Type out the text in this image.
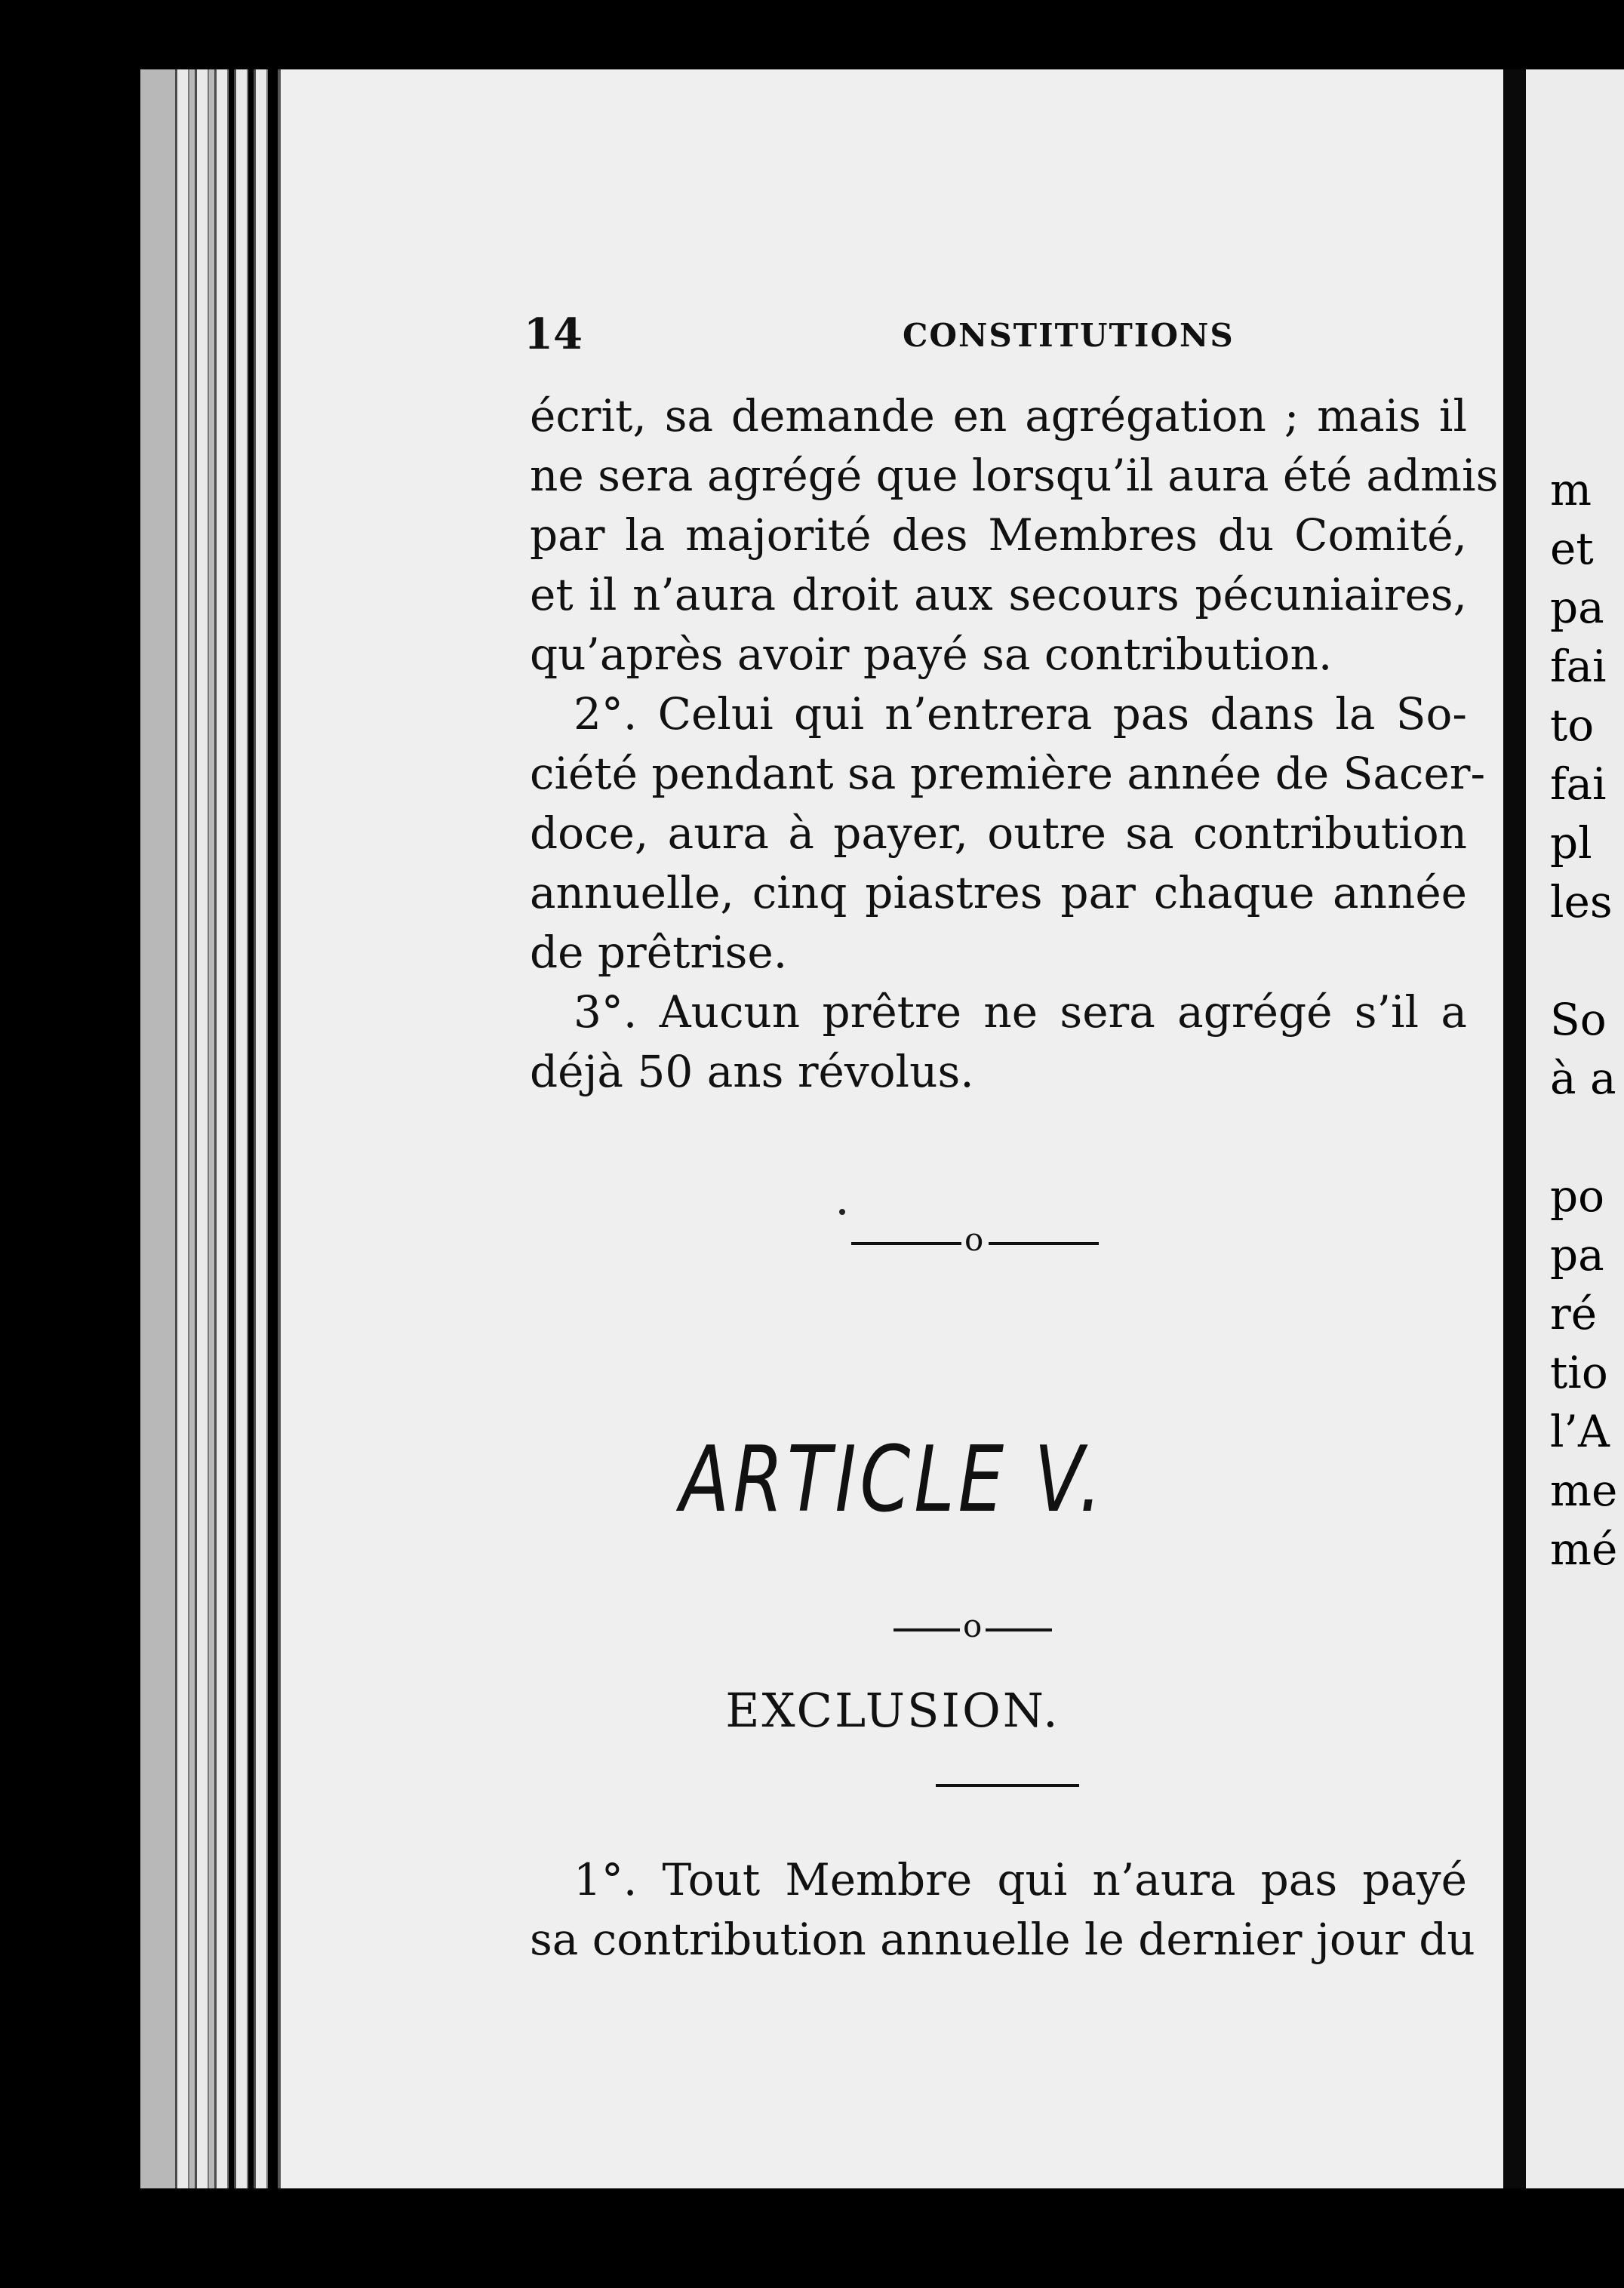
14	CONSTITUTIONS
écrit, sa demande en agrégation ; mais il
ne sera agrégé que lorsqu’il aura été admis
par la majorité des Membres du Comité,
et il n’aura droit aux secours pécuniaires,
qu’après avoir payé sa contribution.
2°. Celui qui n’entrera pas dans la So-
ciété pendant sa première année de Sacer-
doce, aura à payer, outre sa contribution
annuelle, cinq piastres par chaque année
de prêtrise.
3°. Aucun prêtre ne sera agrégé s’il a
déjà 50 ans révolus.
o
ARTICLE V.
o
EXCLUSION.
1°. Tout Membre qui n’aura pas payé
sa contribution annuelle le dernier jour du
m
et
pa
fai
to
fai
pl
les
So
à a
po
pa
ré
tio
l’A
me
mé
